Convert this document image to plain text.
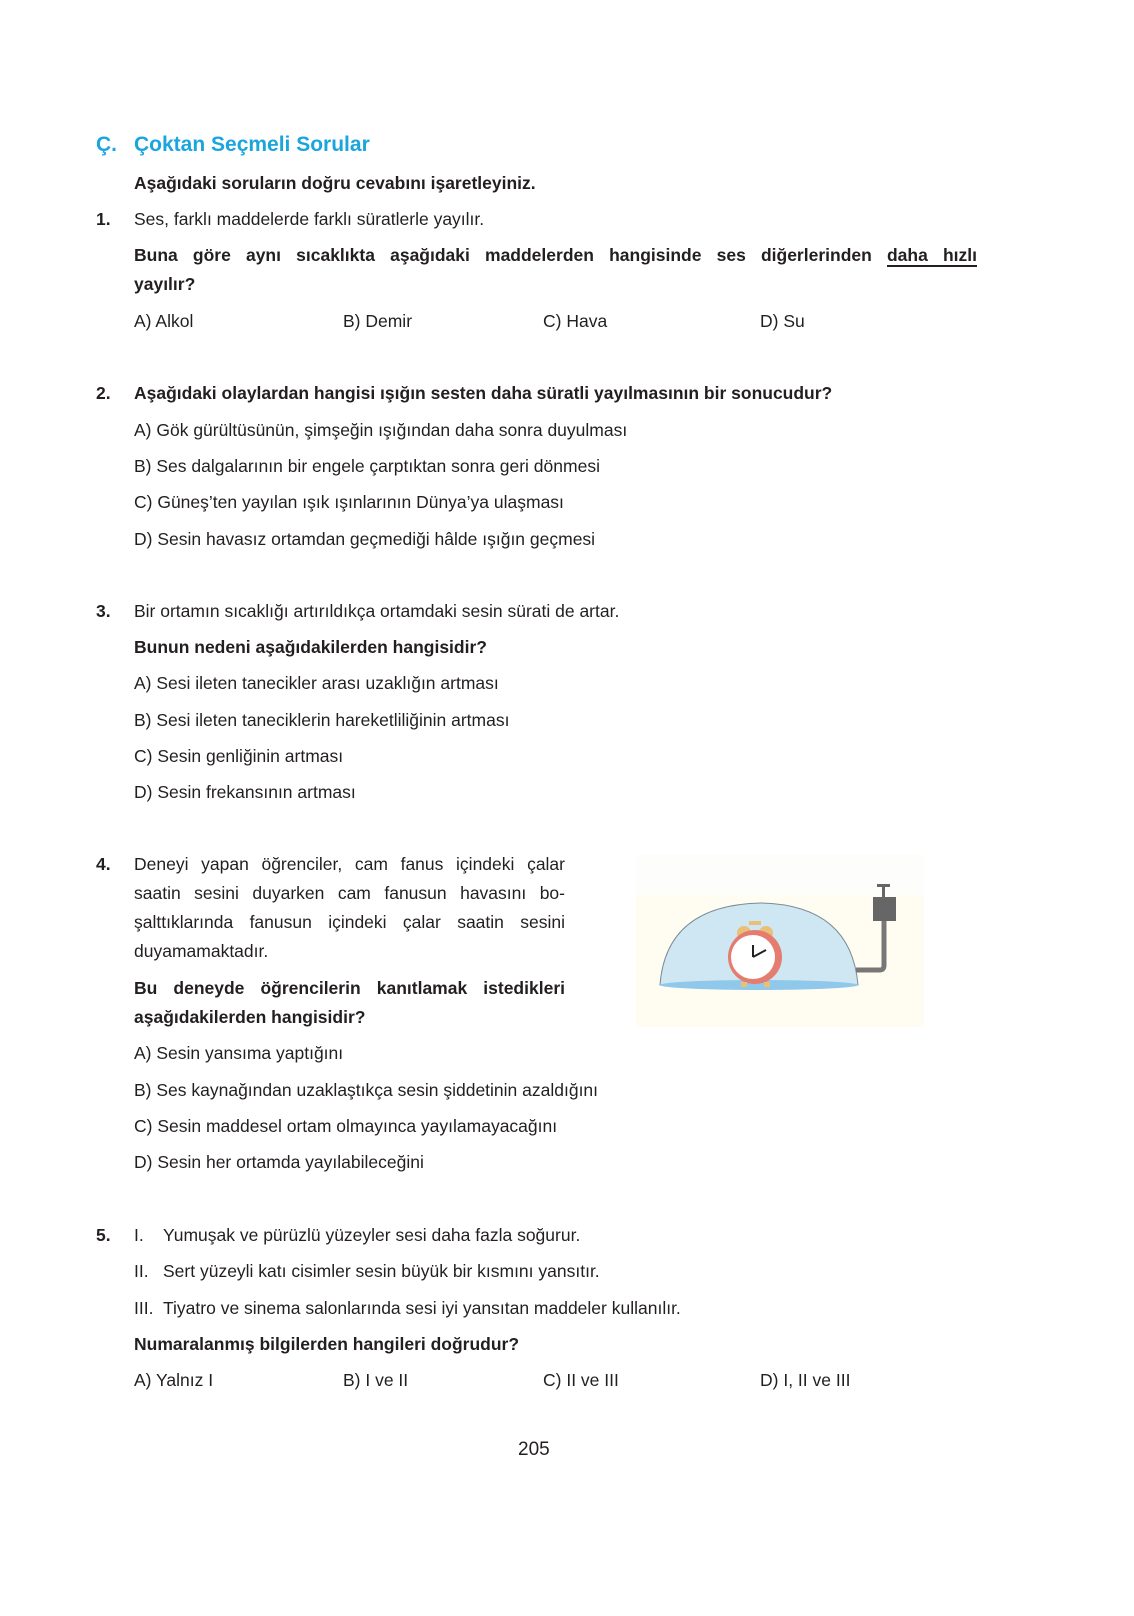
Ç. Çoktan Seçmeli Sorular
Aşağıdaki soruların doğru cevabını işaretleyiniz.
1. Ses, farklı maddelerde farklı süratlerle yayılır.
Buna göre aynı sıcaklıkta aşağıdaki maddelerden hangisinde ses diğerlerinden daha hızlı
yayılır?
A) Alkol	B) Demir	C) Hava	D) Su
2. Aşağıdaki olaylardan hangisi ışığın sesten daha süratli yayılmasının bir sonucudur?
A) Gök gürültüsünün, şimşeğin ışığından daha sonra duyulması
B) Ses dalgalarının bir engele çarptıktan sonra geri dönmesi
C) Güneş’ten yayılan ışık ışınlarının Dünya’ya ulaşması
D) Sesin havasız ortamdan geçmediği hâlde ışığın geçmesi
3. Bir ortamın sıcaklığı artırıldıkça ortamdaki sesin sürati de artar.
Bunun nedeni aşağıdakilerden hangisidir?
A) Sesi ileten tanecikler arası uzaklığın artması
B) Sesi ileten taneciklerin hareketliliğinin artması
C) Sesin genliğinin artması
D) Sesin frekansının artması
4. Deneyi yapan öğrenciler, cam fanus içindeki çalar
saatin sesini duyarken cam fanusun havasını bo-
şalttıklarında fanusun içindeki çalar saatin sesini
duyamamaktadır.
Bu deneyde öğrencilerin kanıtlamak istedikleri
aşağıdakilerden hangisidir?
A) Sesin yansıma yaptığını
B) Ses kaynağından uzaklaştıkça sesin şiddetinin azaldığını
C) Sesin maddesel ortam olmayınca yayılamayacağını
D) Sesin her ortamda yayılabileceğini
5. I. Yumuşak ve pürüzlü yüzeyler sesi daha fazla soğurur.
II. Sert yüzeyli katı cisimler sesin büyük bir kısmını yansıtır.
III. Tiyatro ve sinema salonlarında sesi iyi yansıtan maddeler kullanılır.
Numaralanmış bilgilerden hangileri doğrudur?
A) Yalnız I	B) I ve II	C) II ve III	D) I, II ve III
205
